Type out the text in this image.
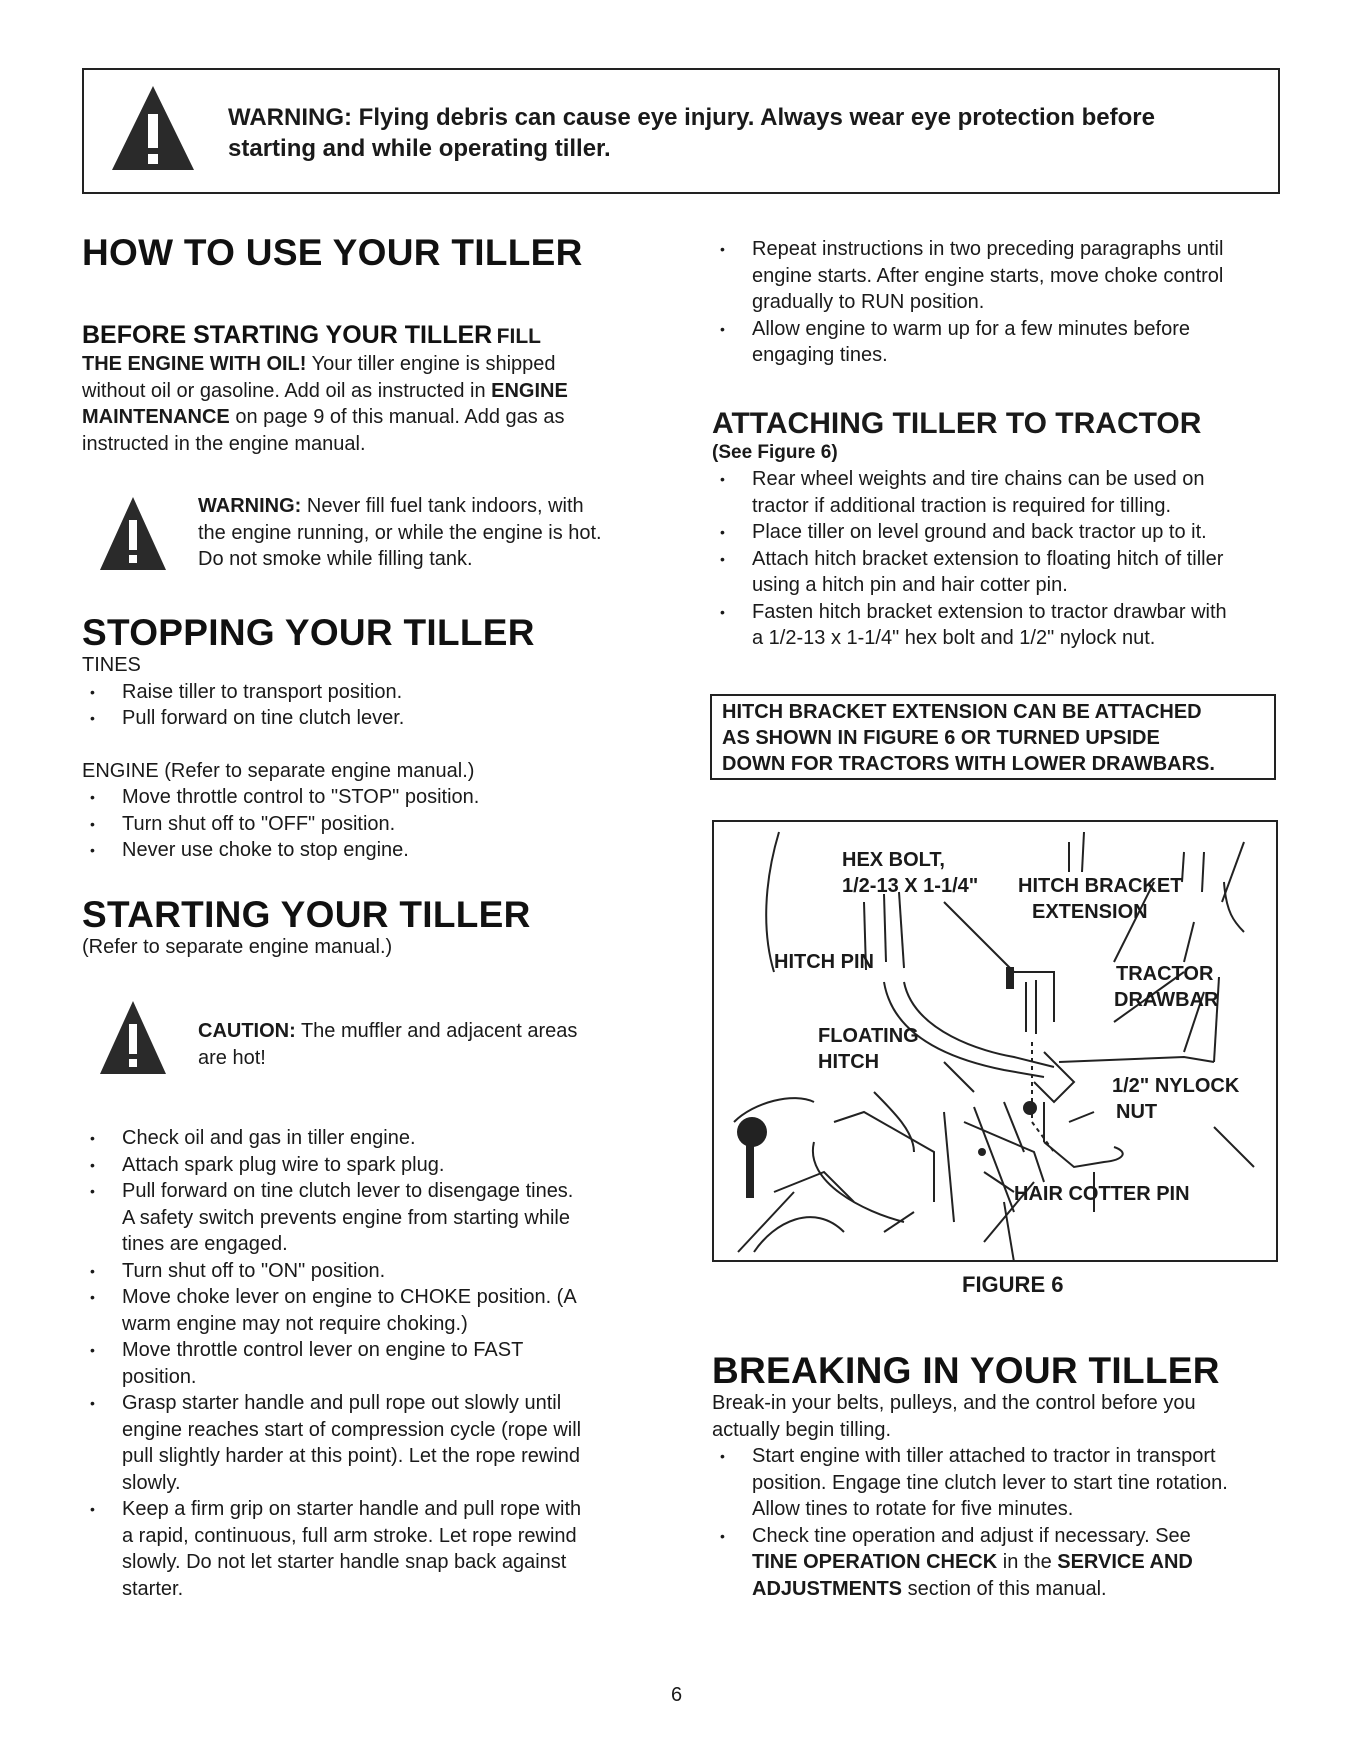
WARNING: Flying debris can cause eye injury. Always wear eye protection before
starting and while operating tiller.
HOW TO USE YOUR TILLER
BEFORE STARTING YOUR TILLER FILL
THE ENGINE WITH OIL! Your tiller engine is shipped
without oil or gasoline. Add oil as instructed in ENGINE
MAINTENANCE on page 9 of this manual. Add gas as
instructed in the engine manual.
WARNING: Never fill fuel tank indoors, with
the engine running, or while the engine is hot.
Do not smoke while filling tank.
STOPPING YOUR TILLER
TINES
• Raise tiller to transport position.
• Pull forward on tine clutch lever.
ENGINE (Refer to separate engine manual.)
• Move throttle control to "STOP" position.
• Turn shut off to "OFF" position.
• Never use choke to stop engine.
STARTING YOUR TILLER
(Refer to separate engine manual.)
CAUTION: The muffler and adjacent areas
are hot!
• Check oil and gas in tiller engine.
• Attach spark plug wire to spark plug.
• Pull forward on tine clutch lever to disengage tines.
A safety switch prevents engine from starting while
tines are engaged.
• Turn shut off to "ON" position.
• Move choke lever on engine to CHOKE position. (A
warm engine may not require choking.)
• Move throttle control lever on engine to FAST
position.
• Grasp starter handle and pull rope out slowly until
engine reaches start of compression cycle (rope will
pull slightly harder at this point). Let the rope rewind
slowly.
• Keep a firm grip on starter handle and pull rope with
a rapid, continuous, full arm stroke. Let rope rewind
slowly. Do not let starter handle snap back against
starter.
• Repeat instructions in two preceding paragraphs until
engine starts. After engine starts, move choke control
gradually to RUN position.
• Allow engine to warm up for a few minutes before
engaging tines.
ATTACHING TILLER TO TRACTOR
(See Figure 6)
• Rear wheel weights and tire chains can be used on
tractor if additional traction is required for tilling.
• Place tiller on level ground and back tractor up to it.
• Attach hitch bracket extension to floating hitch of tiller
using a hitch pin and hair cotter pin.
• Fasten hitch bracket extension to tractor drawbar with
a 1/2-13 x 1-1/4" hex bolt and 1/2" nylock nut.
HITCH BRACKET EXTENSION CAN BE ATTACHED
AS SHOWN IN FIGURE 6 OR TURNED UPSIDE
DOWN FOR TRACTORS WITH LOWER DRAWBARS.
HEX BOLT,
1/2-13 X 1-1/4" HITCH BRACKET
EXTENSION
HITCH PIN
TRACTOR
DRAWBAR
FLOATING
HITCH
1/2" NYLOCK
NUT
HAIR COTTER PIN
FIGURE 6
BREAKING IN YOUR TILLER
Break-in your belts, pulleys, and the control before you
actually begin tilling.
• Start engine with tiller attached to tractor in transport
position. Engage tine clutch lever to start tine rotation.
Allow tines to rotate for five minutes.
• Check tine operation and adjust if necessary. See
TINE OPERATION CHECK in the SERVICE AND
ADJUSTMENTS section of this manual.
6
